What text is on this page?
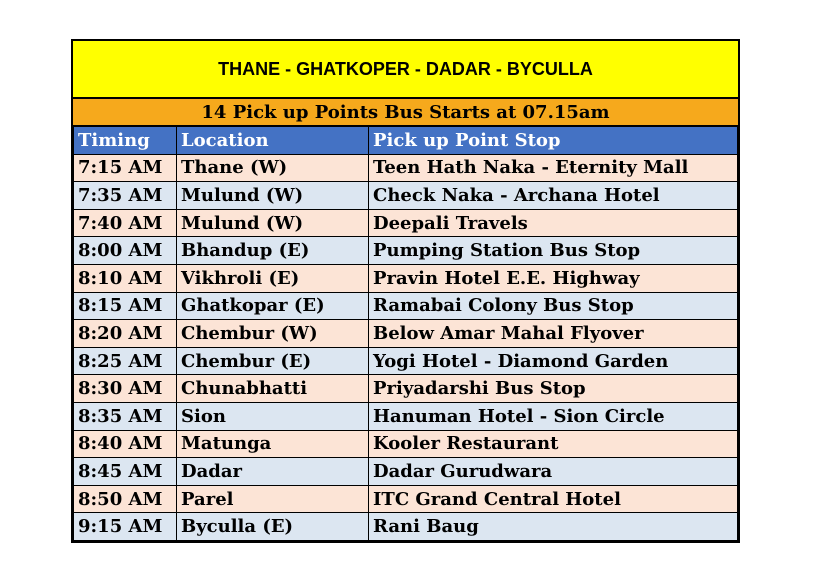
THANE - GHATKOPER - DADAR - BYCULLA
14 Pick up Points Bus Starts at 07.15am
Timing	Location	Pick up Point Stop
7:15 AM	Thane (W)	Teen Hath Naka - Eternity Mall
7:35 AM	Mulund (W)	Check Naka - Archana Hotel
7:40 AM	Mulund (W)	Deepali Travels
8:00 AM	Bhandup (E)	Pumping Station Bus Stop
8:10 AM	Vikhroli (E)	Pravin Hotel E.E. Highway
8:15 AM	Ghatkopar (E)	Ramabai Colony Bus Stop
8:20 AM	Chembur (W)	Below Amar Mahal Flyover
8:25 AM	Chembur (E)	Yogi Hotel - Diamond Garden
8:30 AM	Chunabhatti	Priyadarshi Bus Stop
8:35 AM	Sion	Hanuman Hotel - Sion Circle
8:40 AM	Matunga	Kooler Restaurant
8:45 AM	Dadar	Dadar Gurudwara
8:50 AM	Parel	ITC Grand Central Hotel
9:15 AM	Byculla (E)	Rani Baug
